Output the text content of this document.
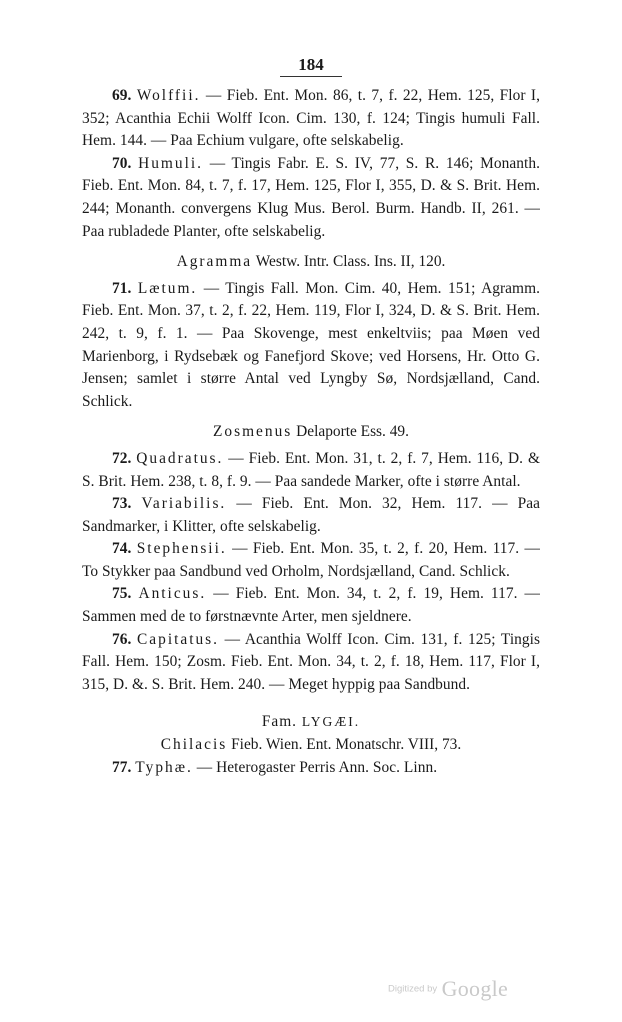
184

69. Wolffii. — Fieb. Ent. Mon. 86, t. 7, f. 22, Hem. 125, Flor I, 352; Acanthia Echii Wolff Icon. Cim. 130, f. 124; Tingis humuli Fall. Hem. 144. — Paa Echium vulgare, ofte selskabelig.

70. Humuli. — Tingis Fabr. E. S. IV, 77, S. R. 146; Monanth. Fieb. Ent. Mon. 84, t. 7, f. 17, Hem. 125, Flor I, 355, D. & S. Brit. Hem. 244; Monanth. convergens Klug Mus. Berol. Burm. Handb. II, 261. — Paa rubladede Planter, ofte selskabelig.

Agramma Westw. Intr. Class. Ins. II, 120.

71. Lætum. — Tingis Fall. Mon. Cim. 40, Hem. 151; Agramm. Fieb. Ent. Mon. 37, t. 2, f. 22, Hem. 119, Flor I, 324, D. & S. Brit. Hem. 242, t. 9, f. 1. — Paa Skovenge, mest enkeltviis; paa Møen ved Marienborg, i Rydsebæk og Fanefjord Skove; ved Horsens, Hr. Otto G. Jensen; samlet i større Antal ved Lyngby Sø, Nordsjælland, Cand. Schlick.

Zosmenus Delaporte Ess. 49.

72. Quadratus. — Fieb. Ent. Mon. 31, t. 2, f. 7, Hem. 116, D. & S. Brit. Hem. 238, t. 8, f. 9. — Paa sandede Marker, ofte i større Antal.

73. Variabilis. — Fieb. Ent. Mon. 32, Hem. 117. — Paa Sandmarker, i Klitter, ofte selskabelig.

74. Stephensii. — Fieb. Ent. Mon. 35, t. 2, f. 20, Hem. 117. — To Stykker paa Sandbund ved Orholm, Nordsjælland, Cand. Schlick.

75. Anticus. — Fieb. Ent. Mon. 34, t. 2, f. 19, Hem. 117. — Sammen med de to førstnævnte Arter, men sjeldnere.

76. Capitatus. — Acanthia Wolff Icon. Cim. 131, f. 125; Tingis Fall. Hem. 150; Zosm. Fieb. Ent. Mon. 34, t. 2, f. 18, Hem. 117, Flor I, 315, D. &. S. Brit. Hem. 240. — Meget hyppig paa Sandbund.

Fam. LYGÆI.

Chilacis Fieb. Wien. Ent. Monatschr. VIII, 73.

77. Typhæ. — Heterogaster Perris Ann. Soc. Linn.

Digitized by Google
